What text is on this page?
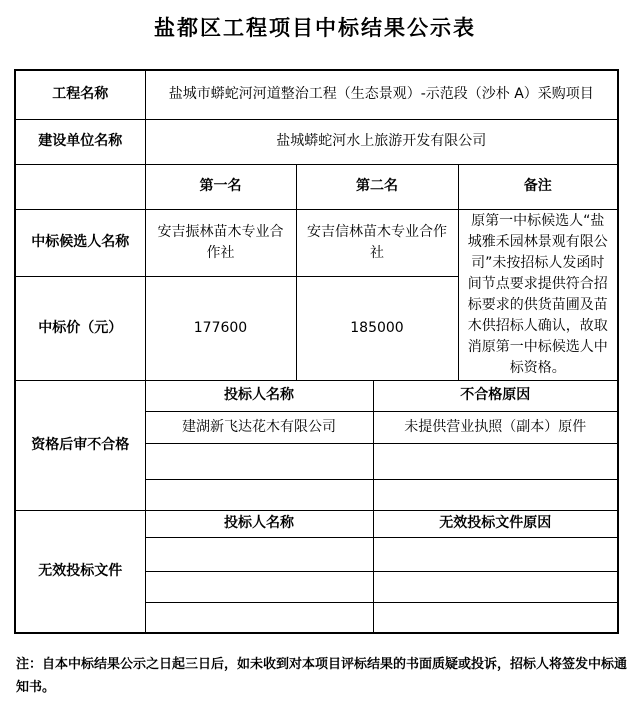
盐都区工程项目中标结果公示表
工程名称	盐城市蟒蛇河河道整治工程（生态景观）-示范段（沙朴 A）采购项目			
建设单位名称	盐城蟒蛇河水上旅游开发有限公司			
	第一名	第二名		备注
中标候选人名称	安吉振林苗木专业合作社	安吉信林苗木专业合作社		原第一中标候选人“盐城雅禾园林景观有限公司”未按招标人发函时间节点要求提供符合招标要求的供货苗圃及苗木供招标人确认，故取消原第一中标候选人中标资格。
中标价（元）	177600	185000		
资格后审不合格	投标人名称		不合格原因	
	建湖新飞达花木有限公司		未提供营业执照（副本）原件	

无效投标文件	投标人名称		无效投标文件原因	

注：自本中标结果公示之日起三日后，如未收到对本项目评标结果的书面质疑或投诉，招标人将签发中标通知书。
